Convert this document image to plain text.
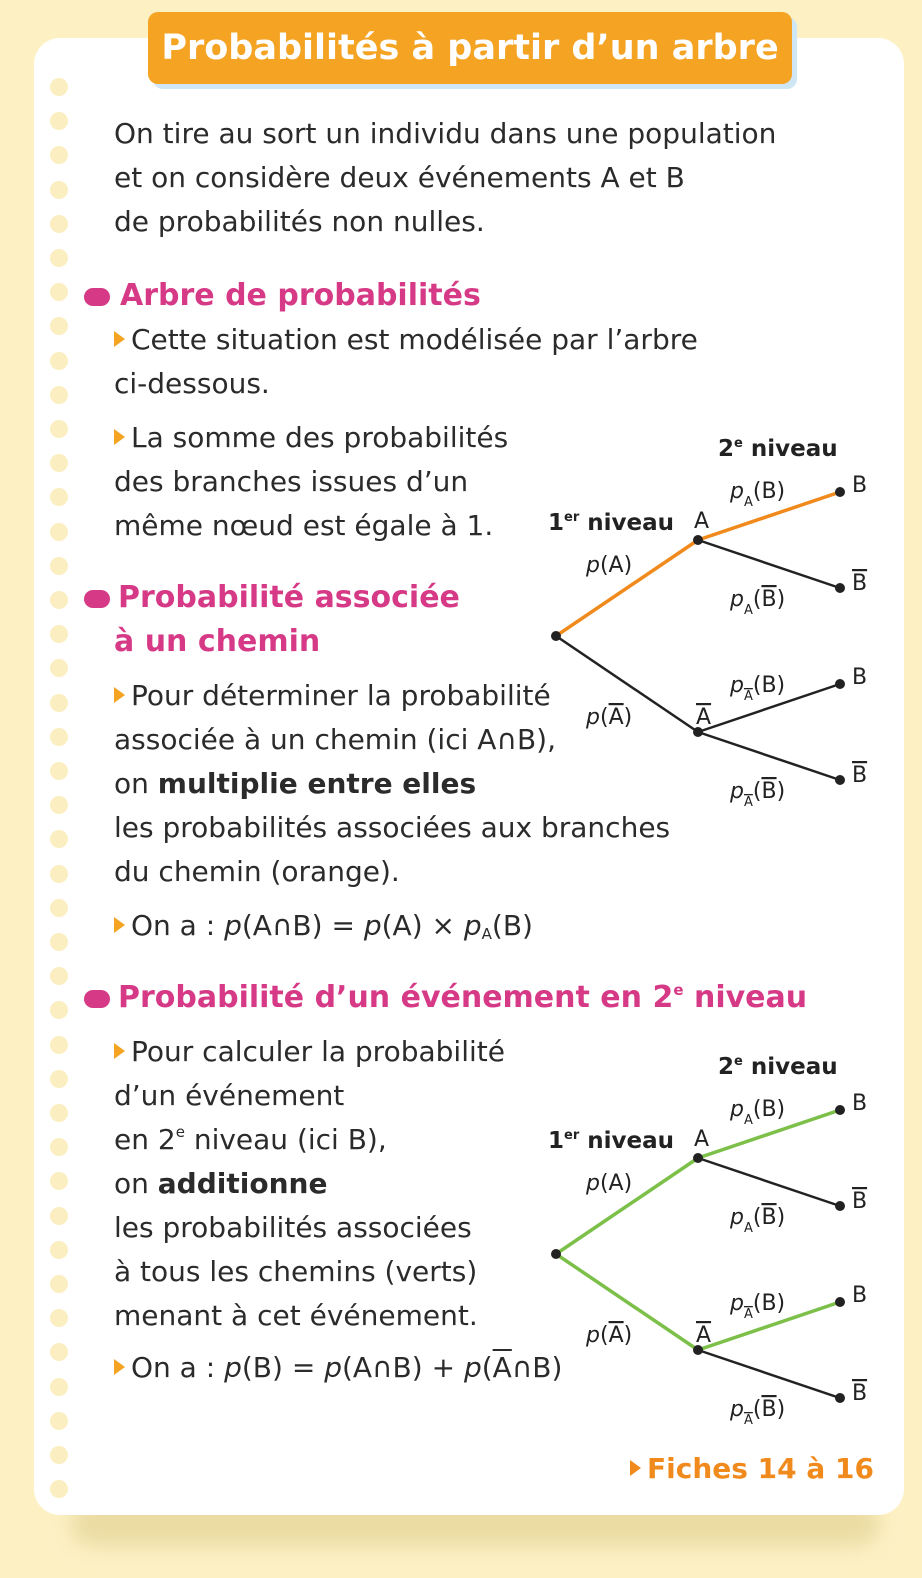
Probabilités à partir d’un arbre

On tire au sort un individu dans une population

et on considère deux événements A et B

de probabilités non nulles.

Arbre de probabilités

Cette situation est modélisée par l’arbre

ci-dessous.

La somme des probabilités

des branches issues d’un

même nœud est égale à 1.

Probabilité associée

à un chemin

Pour déterminer la probabilité

associée à un chemin (ici A∩B),

on multiplie entre elles

les probabilités associées aux branches

du chemin (orange).

On a : p(A∩B) = $p(A) \times p_A(B)$

Probabilité d’un événement en 2e niveau

Pour calculer la probabilité

d’un événement

en 2e niveau (ici B),

on additionne

les probabilités associées

à tous les chemins (verts)

menant à cet événement.

On a : p(B) = p(A∩B) + $p(\overline{A}\cap B)$

2e niveau
1er niveau A
A
B
B
B
B
p(A)
p(A)
$p_A(B)$
$p_A(B)$
$p_A(B)$
$p_A(B)$
2e niveau
1er niveau A
A
B
B
B
B
p(A)
p(A)
$p_A(B)$
$p_A(B)$
$p_A(B)$
$p_A(B)$
Fiches 14 à 16
